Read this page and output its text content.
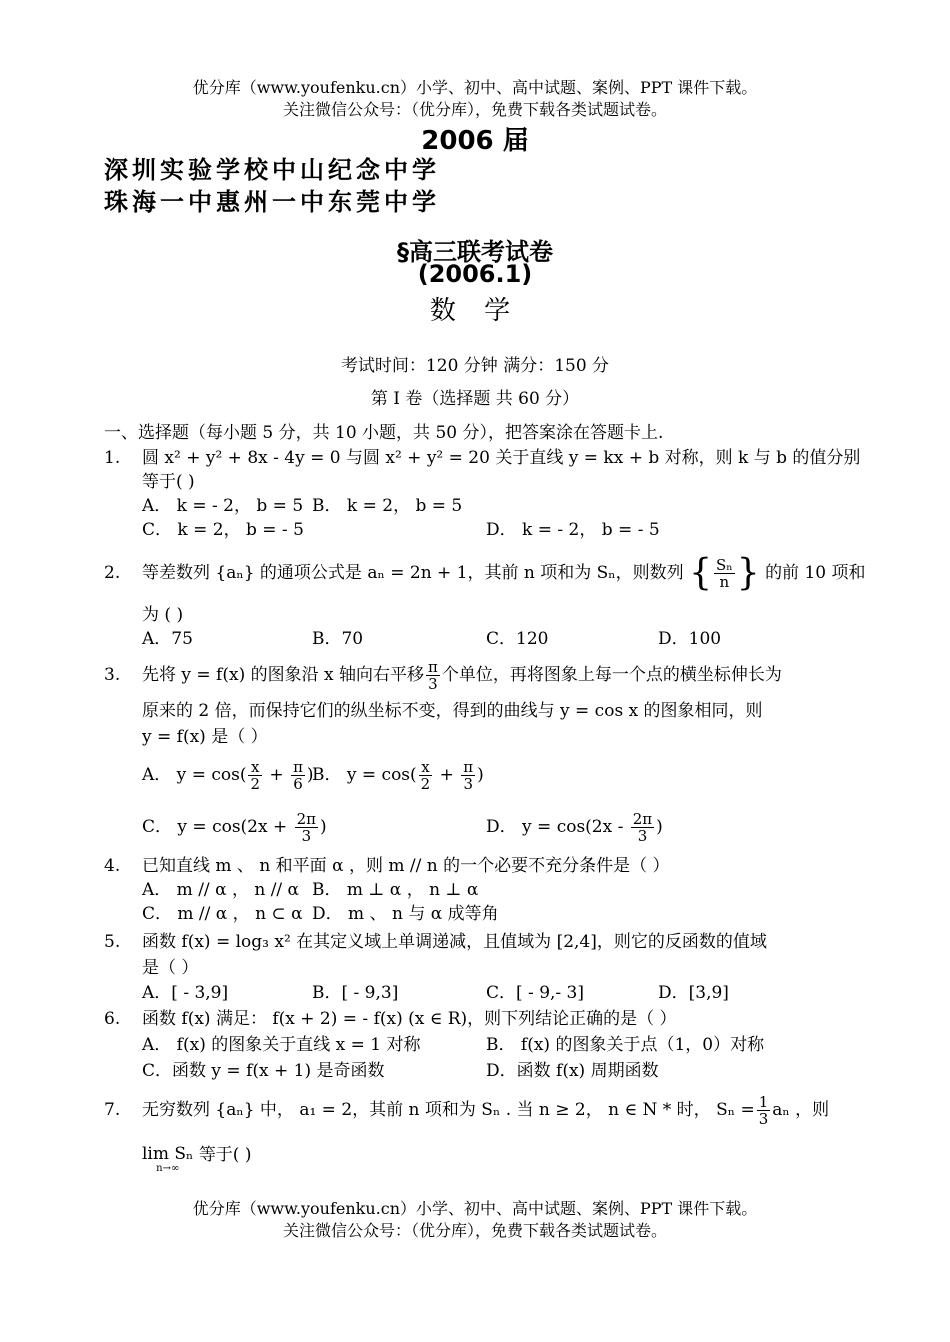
优分库（www.youfenku.cn）小学、初中、高中试题、案例、PPT 课件下载。
关注微信公众号：（优分库），免费下载各类试题试卷。
2006 届
深圳实验学校中山纪念中学
珠海一中惠州一中东莞中学
§高三联考试卷
(2006.1)
数 学
考试时间：120 分钟 满分：150 分
第 I 卷（选择题 共 60 分）
一、选择题（每小题 5 分，共 10 小题，共 50 分），把答案涂在答题卡上.
1. 圆 x² + y² + 8x - 4y = 0 与圆 x² + y² = 20 关于直线 y = kx + b 对称，则 k 与 b 的值分别
等于( )
A． k = - 2， b = 5 B． k = 2， b = 5
C． k = 2， b = - 5	D． k = - 2， b = - 5
2. 等差数列 {aₙ} 的通项公式是 aₙ = 2n + 1，其前 n 项和为 Sₙ，则数列 { $\frac{\text{Sₙ}}{n}$ } 的前 10 项和
为 ( )
A．75	B．70	C．120	D．100
3. 先将 y = f(x) 的图象沿 x 轴向右平移 $\frac{\pi}{3}$ 个单位，再将图象上每一个点的横坐标伸长为
原来的 2 倍，而保持它们的纵坐标不变，得到的曲线与 y = cos x 的图象相同，则
y = f(x) 是（ ）
A． $y = \cos( \frac{x}{2} + \frac{\pi}{6}$ )
B． $y = \cos( \frac{x}{2} + \frac{\pi}{3}$ )
C． $y = \cos(2x + \frac{2\pi}{3}$ )	D． $y = \cos(2x - \frac{2\pi}{3}$ )
4. 已知直线 m 、 n 和平面 α ，则 m // n 的一个必要不充分条件是（ ）
A． m // α ， n // α B． m ⊥ α ， n ⊥ α
C． m // α ， n ⊂ α D． m 、 n 与 α 成等角
5. 函数 f(x) = log₃ x² 在其定义域上单调递减，且值域为 [2,4]，则它的反函数的值域
是（ ）
A．[ - 3,9]	B．[ - 9,3]	C．[ - 9,- 3]	D．[3,9]
6. 函数 f(x) 满足： f(x + 2) = - f(x) (x ∈ R)，则下列结论正确的是（ ）
A． f(x) 的图象关于直线 x = 1 对称	B． f(x) 的图象关于点（1，0）对称
C．函数 y = f(x + 1) 是奇函数	D．函数 f(x) 周期函数
7. 无穷数列 {aₙ} 中， a₁ = 2，其前 n 项和为 Sₙ . 当 n ≥ 2， n ∈ N * 时， $S_n = \frac{1}{3}$ aₙ ，则
lim Sₙ
n→∞
等于( )
优分库（www.youfenku.cn）小学、初中、高中试题、案例、PPT 课件下载。
关注微信公众号：（优分库），免费下载各类试题试卷。
